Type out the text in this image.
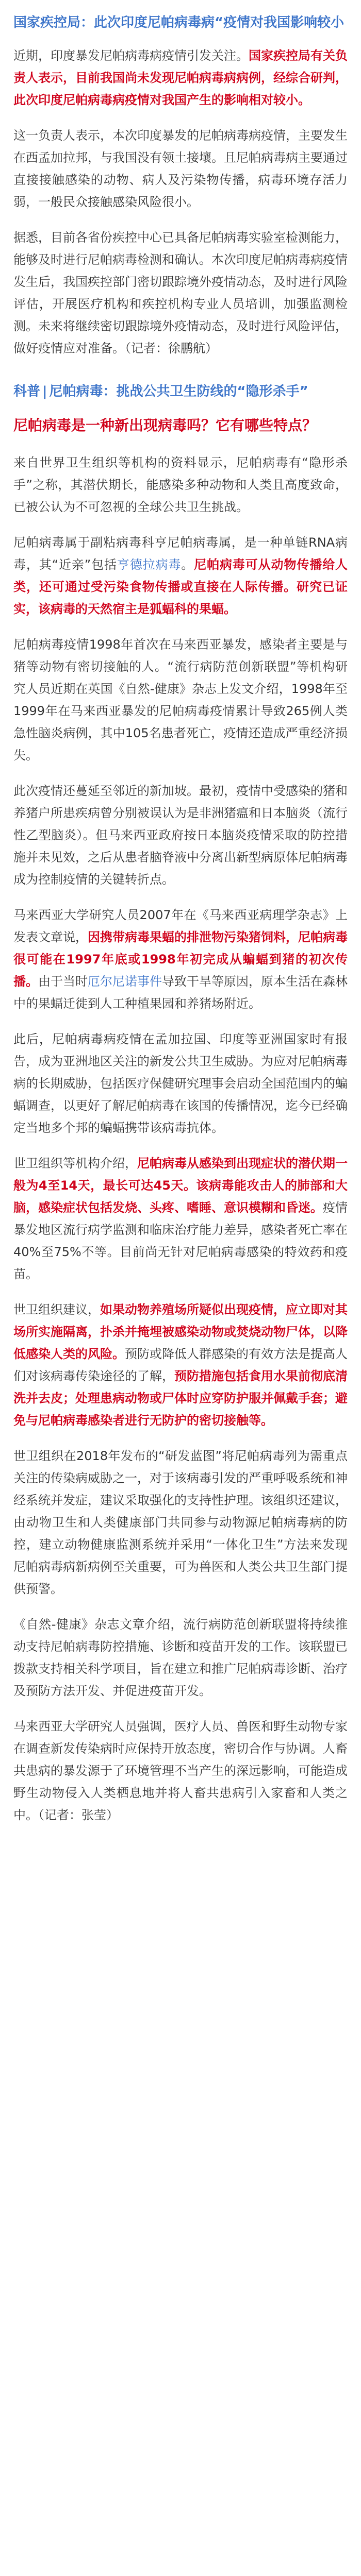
国家疾控局：此次印度尼帕病毒病“疫情对我国影响较小

近期，印度暴发尼帕病毒病疫情引发关注。国家疾控局有关负责人表示，目前我国尚未发现尼帕病毒病病例，经综合研判，此次印度尼帕病毒病疫情对我国产生的影响相对较小。

这一负责人表示，本次印度暴发的尼帕病毒病疫情，主要发生在西孟加拉邦，与我国没有领土接壤。且尼帕病毒病主要通过直接接触感染的动物、病人及污染物传播，病毒环境存活力弱，一般民众接触感染风险很小。

据悉，目前各省份疾控中心已具备尼帕病毒实验室检测能力，能够及时进行尼帕病毒检测和确认。本次印度尼帕病毒病疫情发生后，我国疾控部门密切跟踪境外疫情动态，及时进行风险评估，开展医疗机构和疾控机构专业人员培训，加强监测检测。未来将继续密切跟踪境外疫情动态，及时进行风险评估，做好疫情应对准备。（记者：徐鹏航）

科普 | 尼帕病毒：挑战公共卫生防线的“隐形杀手”
尼帕病毒是一种新出现病毒吗？它有哪些特点？

来自世界卫生组织等机构的资料显示，尼帕病毒有“隐形杀手”之称，其潜伏期长，能感染多种动物和人类且高度致命，已被公认为不可忽视的全球公共卫生挑战。

尼帕病毒属于副粘病毒科亨尼帕病毒属，是一种单链RNA病毒，其“近亲”包括亨德拉病毒。尼帕病毒可从动物传播给人类，还可通过受污染食物传播或直接在人际传播。研究已证实，该病毒的天然宿主是狐蝠科的果蝠。

尼帕病毒疫情1998年首次在马来西亚暴发，感染者主要是与猪等动物有密切接触的人。“流行病防范创新联盟”等机构研究人员近期在英国《自然-健康》杂志上发文介绍，1998年至1999年在马来西亚暴发的尼帕病毒疫情累计导致265例人类急性脑炎病例，其中105名患者死亡，疫情还造成严重经济损失。

此次疫情还蔓延至邻近的新加坡。最初，疫情中受感染的猪和养猪户所患疾病曾分别被误认为是非洲猪瘟和日本脑炎（流行性乙型脑炎）。但马来西亚政府按日本脑炎疫情采取的防控措施并未见效，之后从患者脑脊液中分离出新型病原体尼帕病毒成为控制疫情的关键转折点。

马来西亚大学研究人员2007年在《马来西亚病理学杂志》上发表文章说，因携带病毒果蝠的排泄物污染猪饲料，尼帕病毒很可能在1997年底或1998年初完成从蝙蝠到猪的初次传播。由于当时厄尔尼诺事件导致干旱等原因，原本生活在森林中的果蝠迁徙到人工种植果园和养猪场附近。

此后，尼帕病毒病疫情在孟加拉国、印度等亚洲国家时有报告，成为亚洲地区关注的新发公共卫生威胁。为应对尼帕病毒病的长期威胁，包括医疗保健研究理事会启动全国范围内的蝙蝠调查，以更好了解尼帕病毒在该国的传播情况，迄今已经确定当地多个邦的蝙蝠携带该病毒抗体。

世卫组织等机构介绍，尼帕病毒从感染到出现症状的潜伏期一般为4至14天，最长可达45天。该病毒能攻击人的肺部和大脑，感染症状包括发烧、头疼、嗜睡、意识模糊和昏迷。疫情暴发地区流行病学监测和临床治疗能力差异，感染者死亡率在40%至75%不等。目前尚无针对尼帕病毒感染的特效药和疫苗。

世卫组织建议，如果动物养殖场所疑似出现疫情，应立即对其场所实施隔离，扑杀并掩埋被感染动物或焚烧动物尸体，以降低感染人类的风险。预防或降低人群感染的有效方法是提高人们对该病毒传染途径的了解，预防措施包括食用水果前彻底清洗并去皮；处理患病动物或尸体时应穿防护服并佩戴手套；避免与尼帕病毒感染者进行无防护的密切接触等。

世卫组织在2018年发布的“研发蓝图”将尼帕病毒列为需重点关注的传染病威胁之一，对于该病毒引发的严重呼吸系统和神经系统并发症，建议采取强化的支持性护理。该组织还建议，由动物卫生和人类健康部门共同参与动物源尼帕病毒病的防控，建立动物健康监测系统并采用“一体化卫生”方法来发现尼帕病毒病新病例至关重要，可为兽医和人类公共卫生部门提供预警。

《自然-健康》杂志文章介绍，流行病防范创新联盟将持续推动支持尼帕病毒防控措施、诊断和疫苗开发的工作。该联盟已拨款支持相关科学项目，旨在建立和推广尼帕病毒诊断、治疗及预防方法开发、并促进疫苗开发。

马来西亚大学研究人员强调，医疗人员、兽医和野生动物专家在调查新发传染病时应保持开放态度，密切合作与协调。人畜共患病的暴发源于了环境管理不当产生的深远影响，可能造成野生动物侵入人类栖息地并将人畜共患病引入家畜和人类之中。（记者：张莹）
